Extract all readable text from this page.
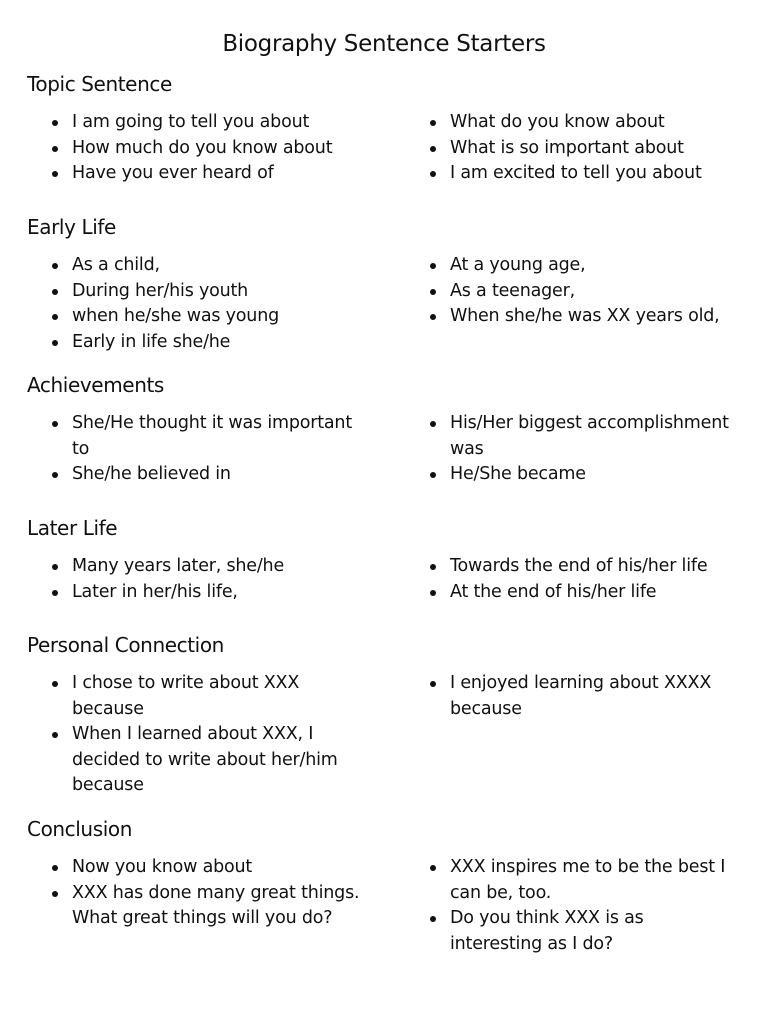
Biography Sentence Starters
Topic Sentence
I am going to tell you about
How much do you know about
Have you ever heard of
What do you know about
What is so important about
I am excited to tell you about
Early Life
As a child,
During her/his youth
when he/she was young
Early in life she/he
At a young age,
As a teenager,
When she/he was XX years old,
Achievements
She/He thought it was important to
She/he believed in
His/Her biggest accomplishment was
He/She became
Later Life
Many years later, she/he
Later in her/his life,
Towards the end of his/her life
At the end of his/her life
Personal Connection
I chose to write about XXX because
When I learned about XXX, I decided to write about her/him because
I enjoyed learning about XXXX because
Conclusion
Now you know about
XXX has done many great things. What great things will you do?
XXX inspires me to be the best I can be, too.
Do you think XXX is as interesting as I do?
